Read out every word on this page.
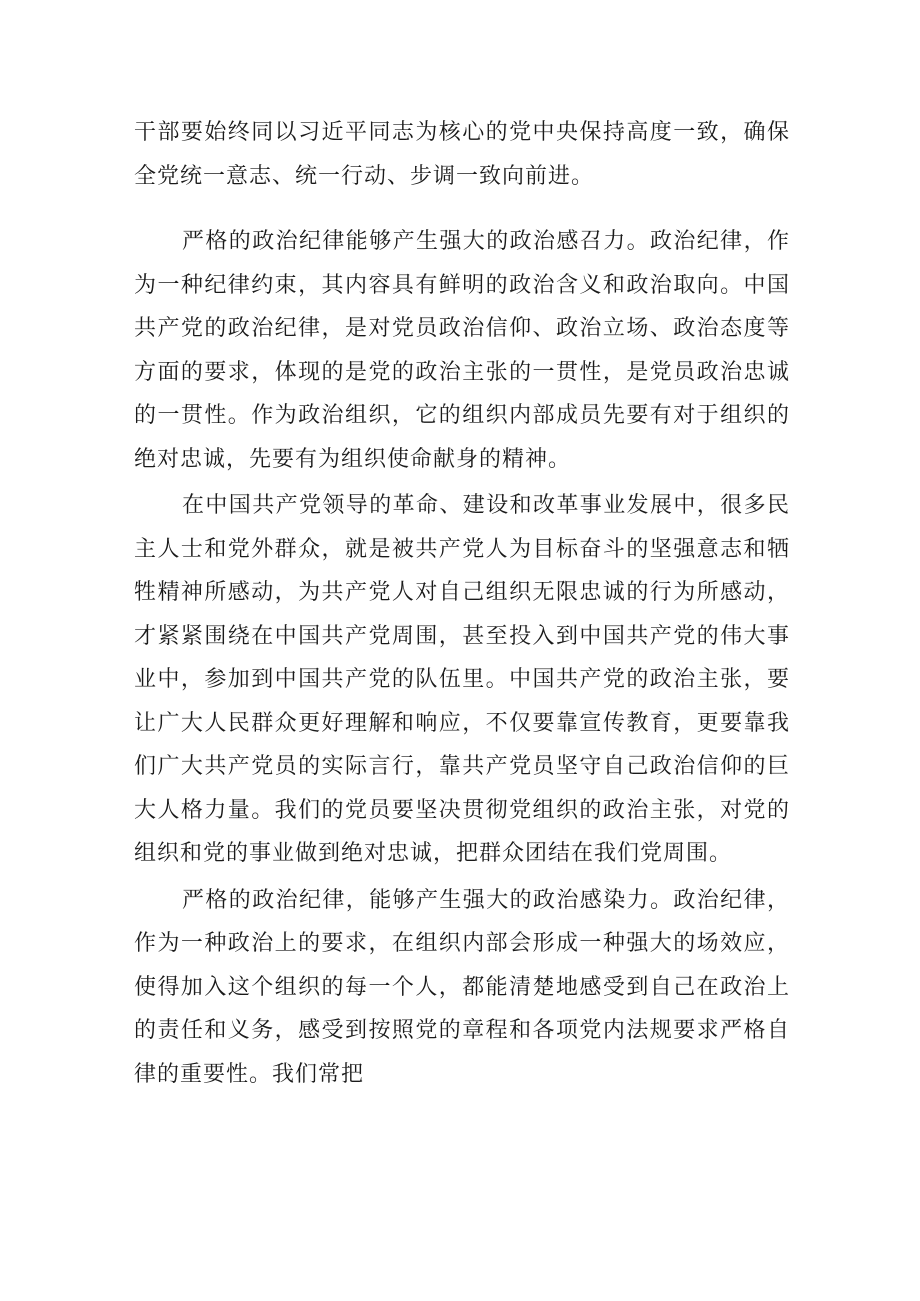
干部要始终同以习近平同志为核心的党中央保持高度一致，确保全党统一意志、统一行动、步调一致向前进。

严格的政治纪律能够产生强大的政治感召力。政治纪律，作为一种纪律约束，其内容具有鲜明的政治含义和政治取向。中国共产党的政治纪律，是对党员政治信仰、政治立场、政治态度等方面的要求，体现的是党的政治主张的一贯性，是党员政治忠诚的一贯性。作为政治组织，它的组织内部成员先要有对于组织的绝对忠诚，先要有为组织使命献身的精神。

在中国共产党领导的革命、建设和改革事业发展中，很多民主人士和党外群众，就是被共产党人为目标奋斗的坚强意志和牺牲精神所感动，为共产党人对自己组织无限忠诚的行为所感动，才紧紧围绕在中国共产党周围，甚至投入到中国共产党的伟大事业中，参加到中国共产党的队伍里。中国共产党的政治主张，要让广大人民群众更好理解和响应，不仅要靠宣传教育，更要靠我们广大共产党员的实际言行，靠共产党员坚守自己政治信仰的巨大人格力量。我们的党员要坚决贯彻党组织的政治主张，对党的组织和党的事业做到绝对忠诚，把群众团结在我们党周围。

严格的政治纪律，能够产生强大的政治感染力。政治纪律，作为一种政治上的要求，在组织内部会形成一种强大的场效应，使得加入这个组织的每一个人，都能清楚地感受到自己在政治上的责任和义务，感受到按照党的章程和各项党内法规要求严格自律的重要性。我们常把
